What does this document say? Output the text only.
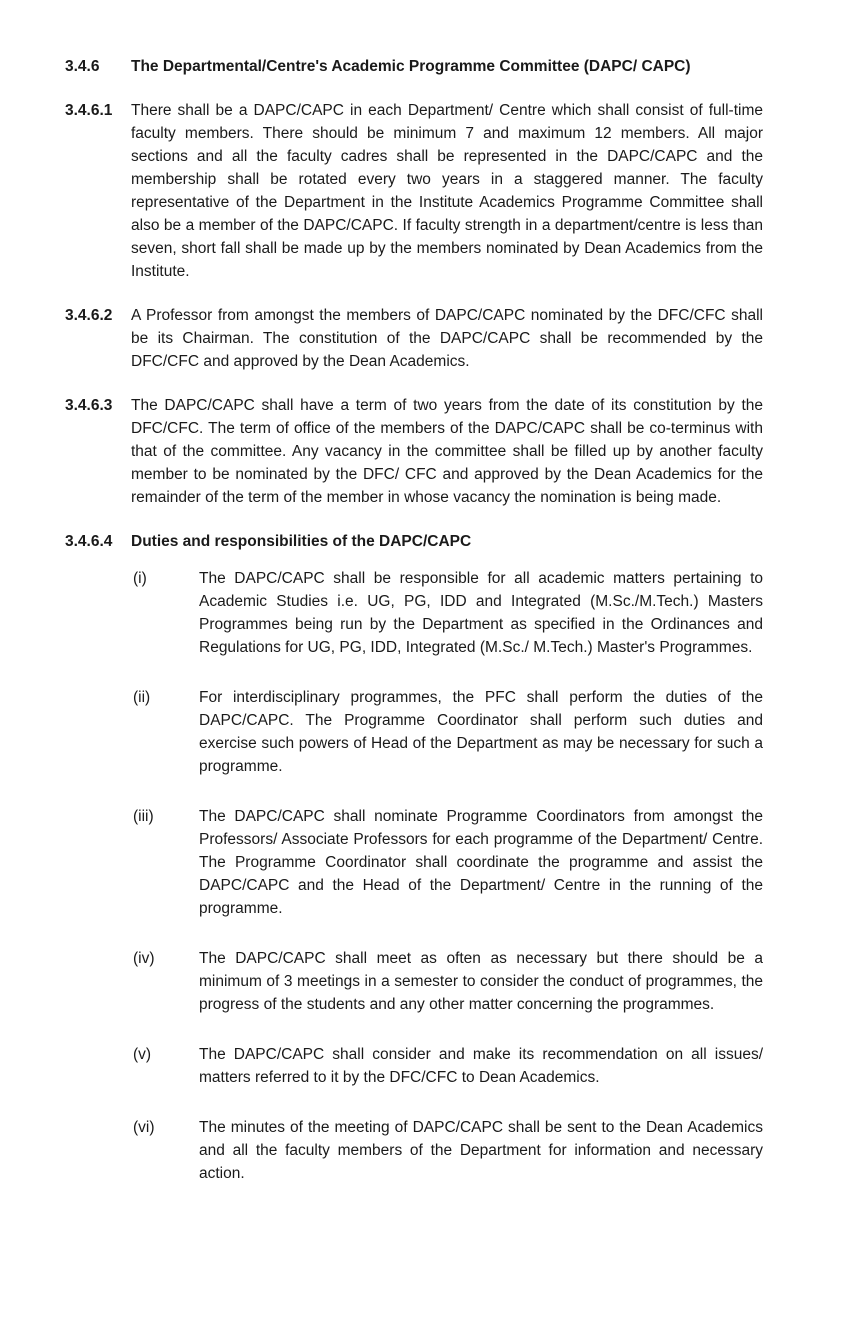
3.4.6	The Departmental/Centre's Academic Programme Committee (DAPC/ CAPC)
3.4.6.1	There shall be a DAPC/CAPC in each Department/ Centre which shall consist of full-time faculty members. There should be minimum 7 and maximum 12 members. All major sections and all the faculty cadres shall be represented in the DAPC/CAPC and the membership shall be rotated every two years in a staggered manner. The faculty representative of the Department in the Institute Academics Programme Committee shall also be a member of the DAPC/CAPC. If faculty strength in a department/centre is less than seven, short fall shall be made up by the members nominated by Dean Academics from the Institute.
3.4.6.2	A Professor from amongst the members of DAPC/CAPC nominated by the DFC/CFC shall be its Chairman. The constitution of the DAPC/CAPC shall be recommended by the DFC/CFC and approved by the Dean Academics.
3.4.6.3	The DAPC/CAPC shall have a term of two years from the date of its constitution by the DFC/CFC. The term of office of the members of the DAPC/CAPC shall be co-terminus with that of the committee. Any vacancy in the committee shall be filled up by another faculty member to be nominated by the DFC/ CFC and approved by the Dean Academics for the remainder of the term of the member in whose vacancy the nomination is being made.
3.4.6.4	Duties and responsibilities of the DAPC/CAPC
(i)	The DAPC/CAPC shall be responsible for all academic matters pertaining to Academic Studies i.e. UG, PG, IDD and Integrated (M.Sc./M.Tech.) Masters Programmes being run by the Department as specified in the Ordinances and Regulations for UG, PG, IDD, Integrated (M.Sc./ M.Tech.) Master's Programmes.
(ii)	For interdisciplinary programmes, the PFC shall perform the duties of the DAPC/CAPC. The Programme Coordinator shall perform such duties and exercise such powers of Head of the Department as may be necessary for such a programme.
(iii)	The DAPC/CAPC shall nominate Programme Coordinators from amongst the Professors/ Associate Professors for each programme of the Department/ Centre. The Programme Coordinator shall coordinate the programme and assist the DAPC/CAPC and the Head of the Department/ Centre in the running of the programme.
(iv)	The DAPC/CAPC shall meet as often as necessary but there should be a minimum of 3 meetings in a semester to consider the conduct of programmes, the progress of the students and any other matter concerning the programmes.
(v)	The DAPC/CAPC shall consider and make its recommendation on all issues/ matters referred to it by the DFC/CFC to Dean Academics.
(vi)	The minutes of the meeting of DAPC/CAPC shall be sent to the Dean Academics and all the faculty members of the Department for information and necessary action.
